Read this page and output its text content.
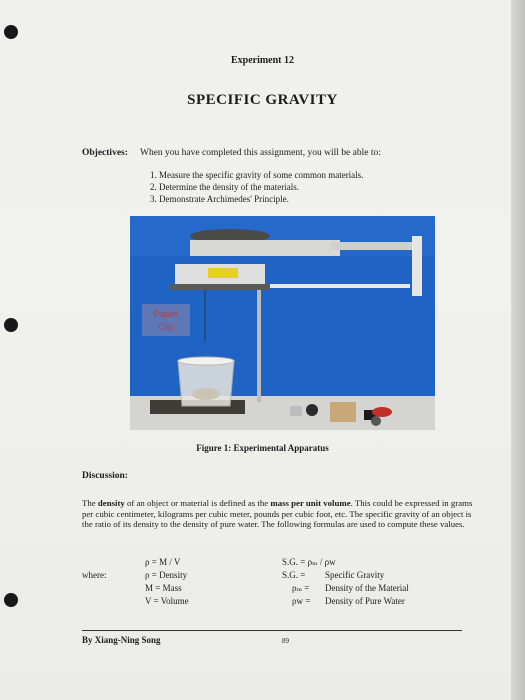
Experiment 12
SPECIFIC GRAVITY
Objectives: When you have completed this assignment, you will be able to:
1. Measure the specific gravity of some common materials.
2. Determine the density of the materials.
3. Demonstrate Archimedes' Principle.
Paper
Clip
Figure 1: Experimental Apparatus
Discussion:
The density of an object or material is defined as the mass per unit volume. This could be expressed in grams per cubic centimeter, kilograms per cubic meter, pounds per cubic foot, etc. The specific gravity of an object is the ratio of its density to the density of pure water. The following formulas are used to compute these values.
where:
ρ = M / V
ρ = Density
M = Mass
V = Volume
S.G. = ρₘ / ρw
S.G. =
ρₘ =
ρw =
Specific Gravity
Density of the Material
Density of Pure Water
By Xiang-Ning Song	89
